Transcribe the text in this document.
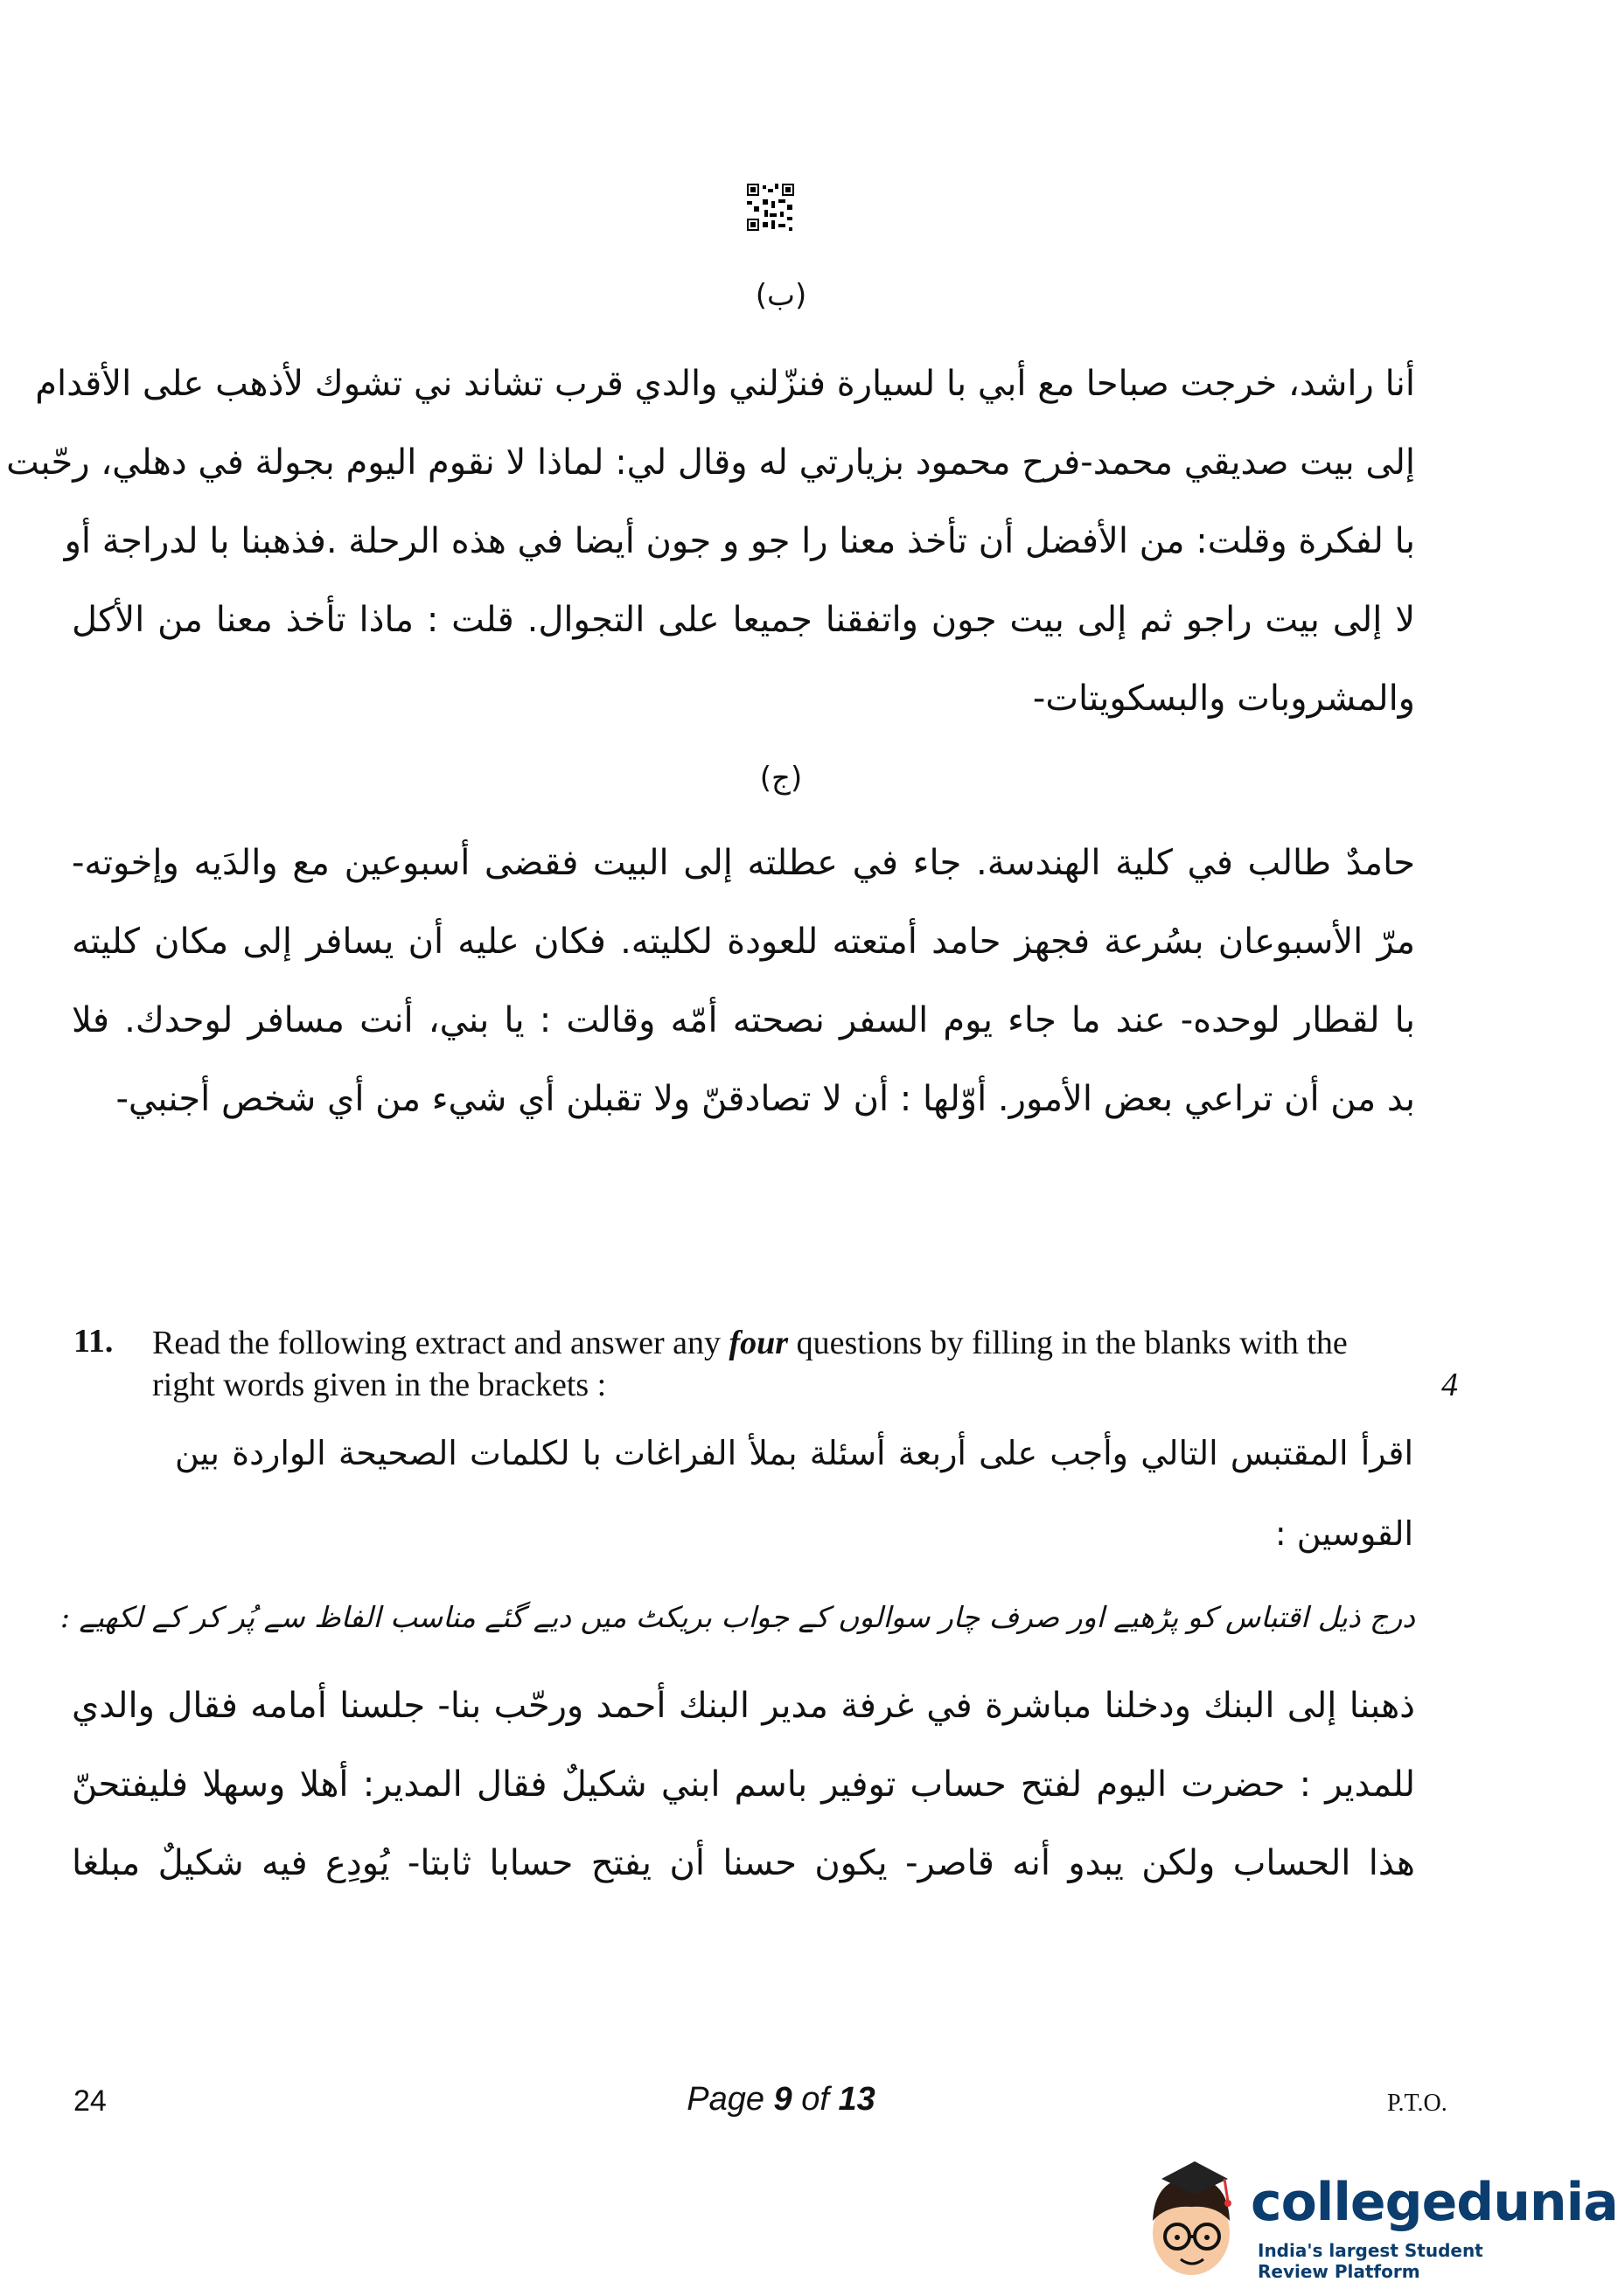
(ب)
أنا راشد، خرجت صباحا مع أبي با لسيارة فنزّلني والدي قرب تشاند ني تشوك لأذهب على الأقدام
إلى بيت صديقي محمد-فرح محمود بزيارتي له وقال لي: لماذا لا نقوم اليوم بجولة في دهلي، رحّبت
با لفكرة وقلت: من الأفضل أن تأخذ معنا را جو و جون أيضا في هذه الرحلة .فذهبنا با لدراجة أو
لا إلى بيت راجو ثم إلى بيت جون واتفقنا جميعا على التجوال. قلت : ماذا تأخذ معنا من الأكل
والمشروبات والبسكويتات-
(ج)
حامدٌ طالب في كلية الهندسة. جاء في عطلته إلى البيت فقضى أسبوعين مع والدَيه وإخوته-
مرّ الأسبوعان بسُرعة فجهز حامد أمتعته للعودة لكليته. فكان عليه أن يسافر إلى مكان كليته
با لقطار لوحده- عند ما جاء يوم السفر نصحته أمّه وقالت : يا بني، أنت مسافر لوحدك. فلا
بد من أن تراعي بعض الأمور. أوّلها : أن لا تصادقنّ ولا تقبلن أي شيء من أي شخص أجنبي-
11. Read the following extract and answer any four questions by filling in the blanks with the right words given in the brackets :	4
اقرأ المقتبس التالي وأجب على أربعة أسئلة بملأ الفراغات با لكلمات الصحيحة الواردة بين
القوسين :
درج ذیل اقتباس کو پڑھیے اور صرف چار سوالوں کے جواب بریکٹ میں دیے گئے مناسب الفاظ سے پُر کر کے لکھیے :
ذهبنا إلى البنك ودخلنا مباشرة في غرفة مدير البنك أحمد ورحّب بنا- جلسنا أمامه فقال والدي
للمدير : حضرت اليوم لفتح حساب توفير باسم ابني شكيلٌ فقال المدير: أهلا وسهلا فليفتحنّ
هذا الحساب ولكن يبدو أنه قاصر- يكون حسنا أن يفتح حسابا ثابتا- يُودِع فيه شكيلٌ مبلغا
24	Page 9 of 13	P.T.O.
collegedunia
India's largest Student Review Platform
